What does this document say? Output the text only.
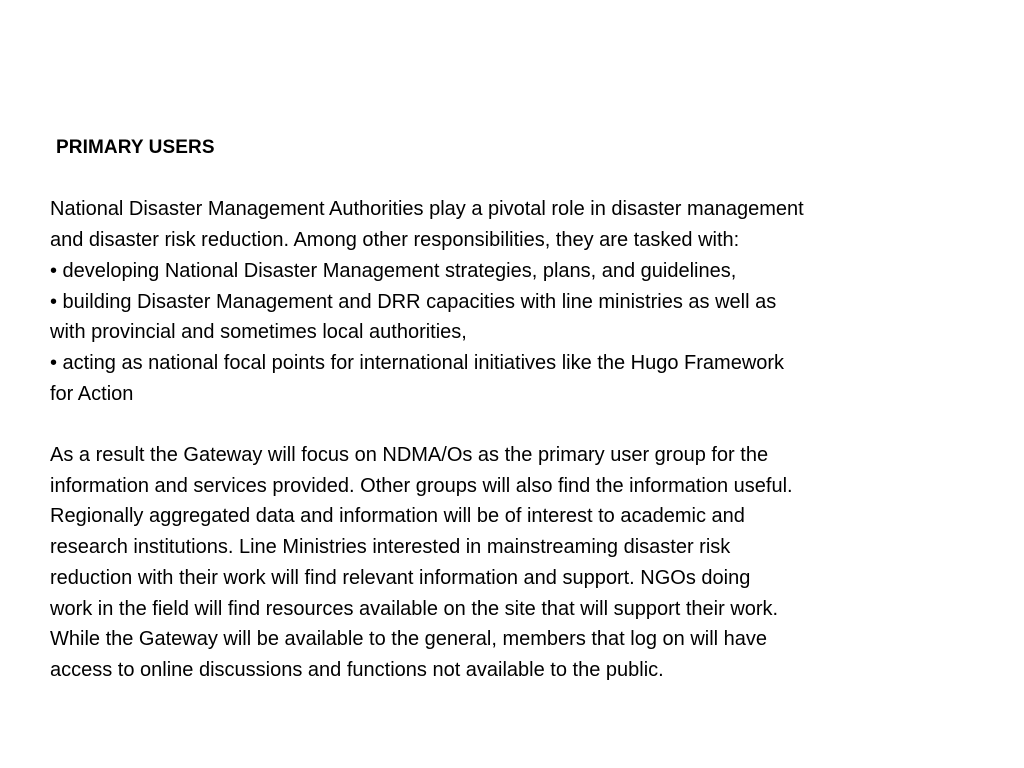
PRIMARY USERS
National Disaster Management Authorities play a pivotal role in disaster management
and disaster risk reduction. Among other responsibilities, they are tasked with:
• developing National Disaster Management strategies, plans, and guidelines,
• building Disaster Management and DRR capacities with line ministries as well as
with provincial and sometimes local authorities,
• acting as national focal points for international initiatives like the Hugo Framework
for Action
As a result the Gateway will focus on NDMA/Os as the primary user group for the
information and services provided. Other groups will also find the information useful.
Regionally aggregated data and information will be of interest to academic and
research institutions. Line Ministries interested in mainstreaming disaster risk
reduction with their work will find relevant information and support. NGOs doing
work in the field will find resources available on the site that will support their work.
While the Gateway will be available to the general, members that log on will have
access to online discussions and functions not available to the public.
